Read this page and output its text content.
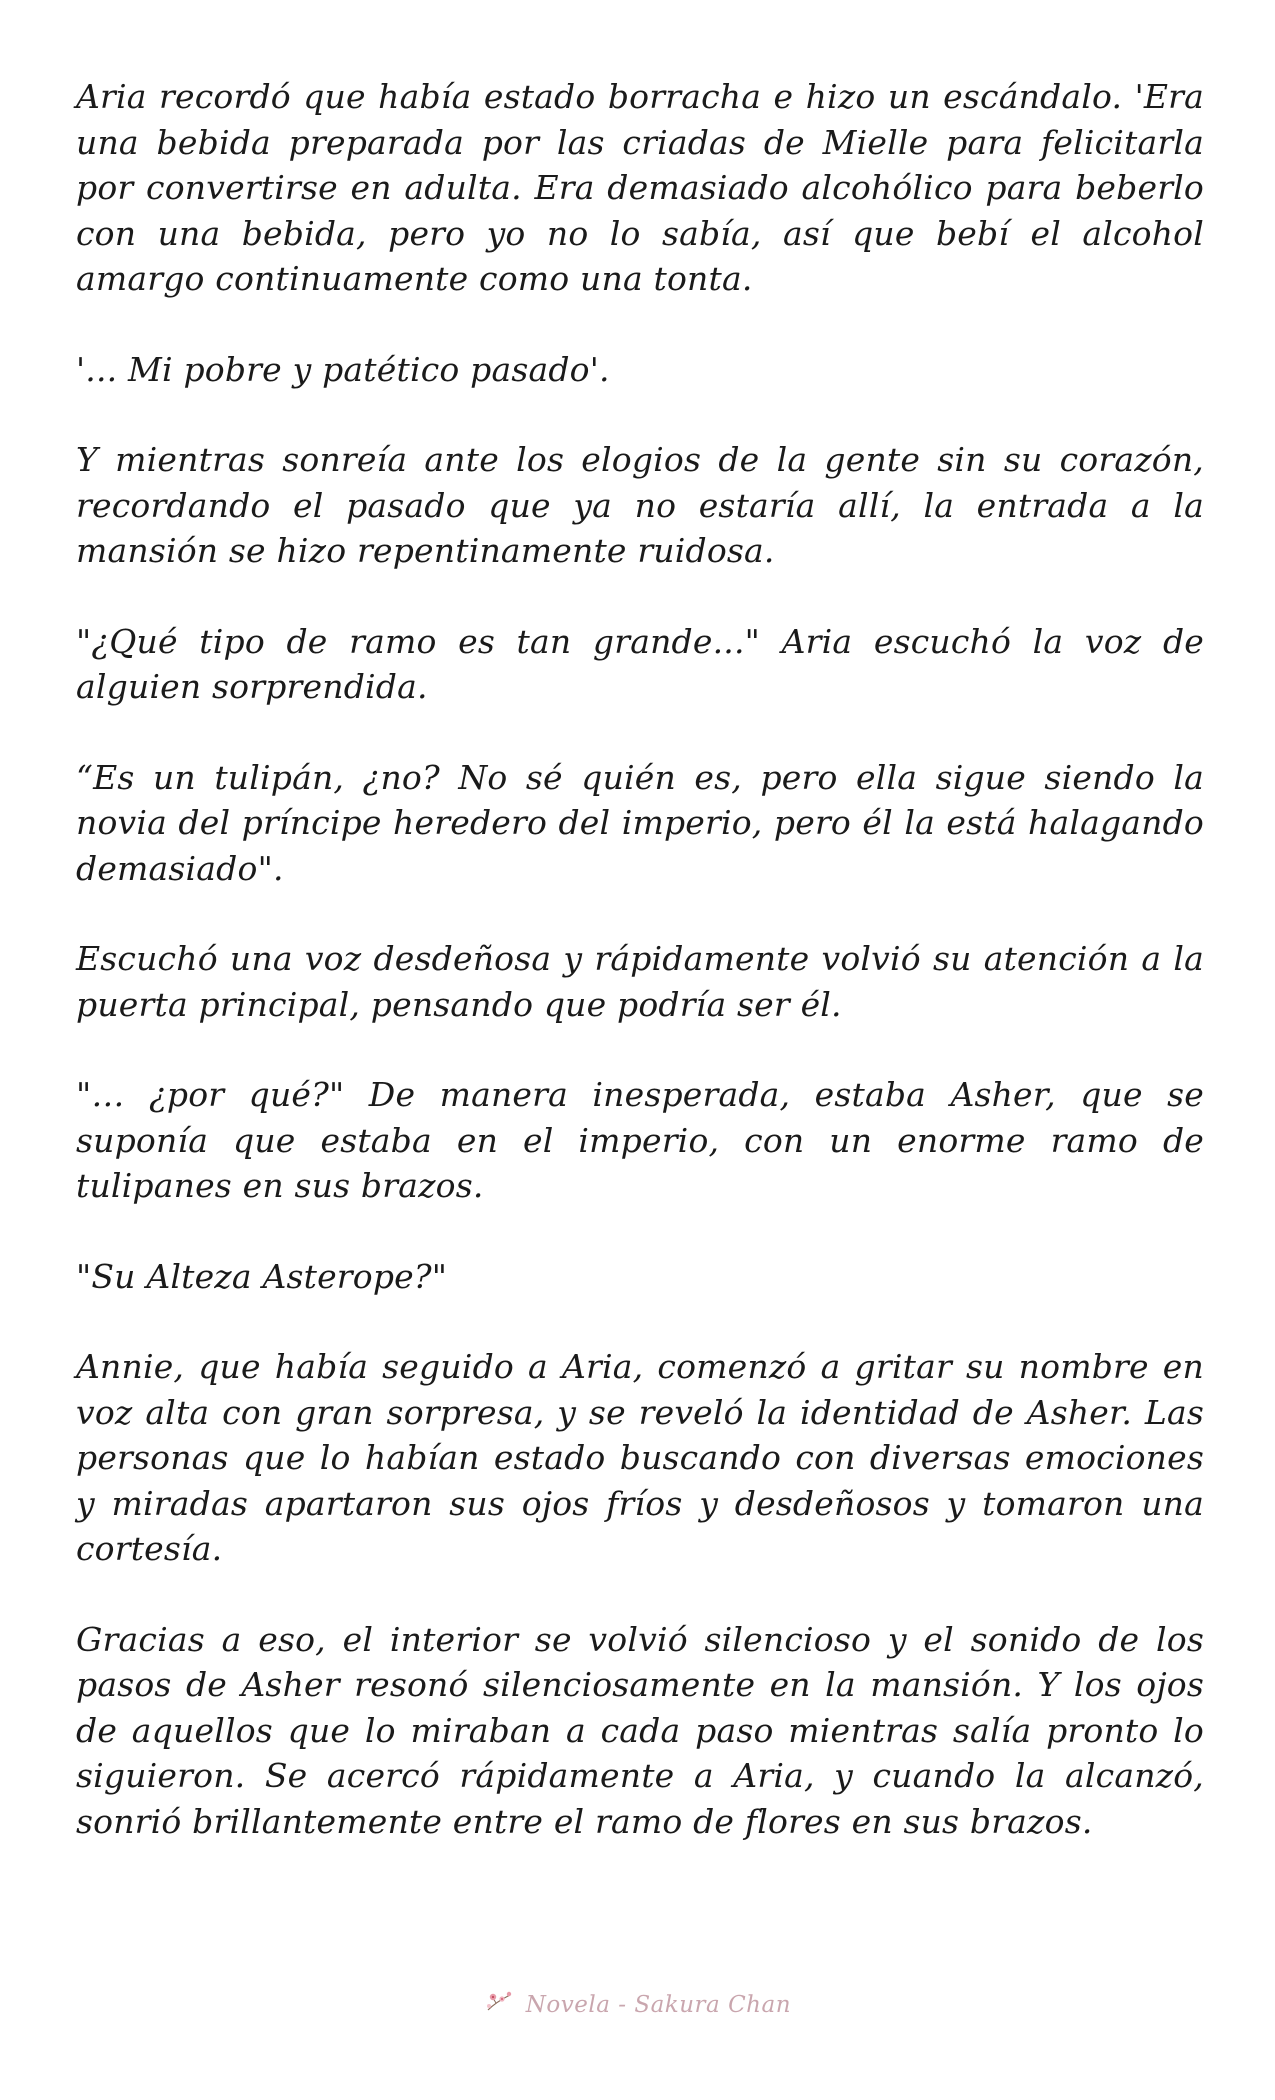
Aria recordó que había estado borracha e hizo un escándalo. 'Era una bebida preparada por las criadas de Mielle para felicitarla por convertirse en adulta. Era demasiado alcohólico para beberlo con una bebida, pero yo no lo sabía, así que bebí el alcohol amargo continuamente como una tonta.

'... Mi pobre y patético pasado'.

Y mientras sonreía ante los elogios de la gente sin su corazón, recordando el pasado que ya no estaría allí, la entrada a la mansión se hizo repentinamente ruidosa.

"¿Qué tipo de ramo es tan grande..." Aria escuchó la voz de alguien sorprendida.

“Es un tulipán, ¿no? No sé quién es, pero ella sigue siendo la novia del príncipe heredero del imperio, pero él la está halagando demasiado".

Escuchó una voz desdeñosa y rápidamente volvió su atención a la puerta principal, pensando que podría ser él.

"… ¿por qué?" De manera inesperada, estaba Asher, que se suponía que estaba en el imperio, con un enorme ramo de tulipanes en sus brazos.

"Su Alteza Asterope?"

Annie, que había seguido a Aria, comenzó a gritar su nombre en voz alta con gran sorpresa, y se reveló la identidad de Asher. Las personas que lo habían estado buscando con diversas emociones y miradas apartaron sus ojos fríos y desdeñosos y tomaron una cortesía.

Gracias a eso, el interior se volvió silencioso y el sonido de los pasos de Asher resonó silenciosamente en la mansión. Y los ojos de aquellos que lo miraban a cada paso mientras salía pronto lo siguieron. Se acercó rápidamente a Aria, y cuando la alcanzó, sonrió brillantemente entre el ramo de flores en sus brazos.

Novela - Sakura Chan
